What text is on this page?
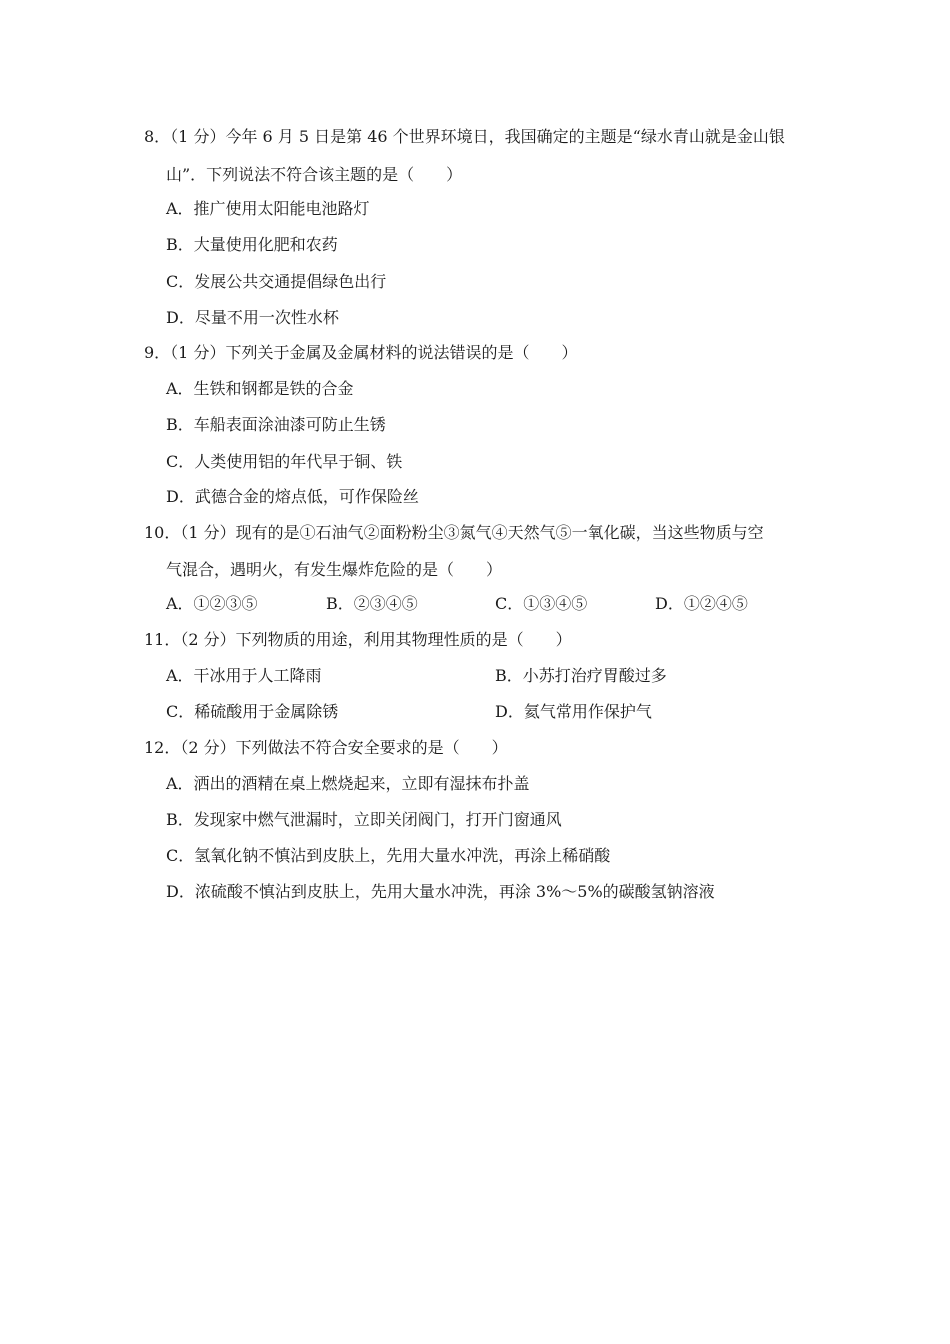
8．（1 分）今年 6 月 5 日是第 46 个世界环境日，我国确定的主题是“绿水青山就是金山银
山”．下列说法不符合该主题的是（　　）
A．推广使用太阳能电池路灯
B．大量使用化肥和农药
C．发展公共交通提倡绿色出行
D．尽量不用一次性水杯
9．（1 分）下列关于金属及金属材料的说法错误的是（　　）
A．生铁和钢都是铁的合金
B．车船表面涂油漆可防止生锈
C．人类使用铝的年代早于铜、铁
D．武德合金的熔点低，可作保险丝
10．（1 分）现有的是①石油气②面粉粉尘③氮气④天然气⑤一氧化碳，当这些物质与空
气混合，遇明火，有发生爆炸危险的是（　　）
A．①②③⑤	B．②③④⑤	C．①③④⑤	D．①②④⑤
11．（2 分）下列物质的用途，利用其物理性质的是（　　）
A．干冰用于人工降雨	B．小苏打治疗胃酸过多
C．稀硫酸用于金属除锈	D．氦气常用作保护气
12．（2 分）下列做法不符合安全要求的是（　　）
A．洒出的酒精在桌上燃烧起来，立即有湿抹布扑盖
B．发现家中燃气泄漏时，立即关闭阀门，打开门窗通风
C．氢氧化钠不慎沾到皮肤上，先用大量水冲洗，再涂上稀硝酸
D．浓硫酸不慎沾到皮肤上，先用大量水冲洗，再涂 3%～5%的碳酸氢钠溶液
